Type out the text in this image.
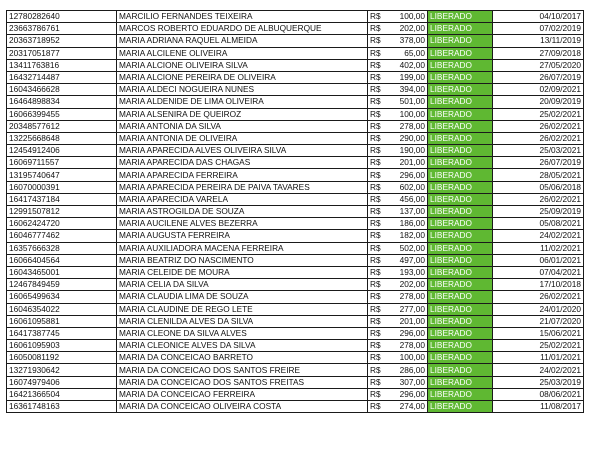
12780282640	MARCILIO FERNANDES TEIXEIRA	R$	100,00	LIBERADO	04/10/2017
23663786761	MARCOS ROBERTO EDUARDO DE ALBUQUERQUE	R$	202,00	LIBERADO	07/02/2019
20363718952	MARIA ADRIANA RAQUEL ALMEIDA	R$	378,00	LIBERADO	13/11/2019
20317051877	MARIA ALCILENE OLIVEIRA	R$	65,00	LIBERADO	27/09/2018
13411763816	MARIA ALCIONE OLIVEIRA SILVA	R$	402,00	LIBERADO	27/05/2020
16432714487	MARIA ALCIONE PEREIRA DE OLIVEIRA	R$	199,00	LIBERADO	26/07/2019
16043466628	MARIA ALDECI NOGUEIRA NUNES	R$	394,00	LIBERADO	02/09/2021
16464898834	MARIA ALDENIDE DE LIMA OLIVEIRA	R$	501,00	LIBERADO	20/09/2019
16066399455	MARIA ALSENIRA DE QUEIROZ	R$	100,00	LIBERADO	25/02/2021
20348577612	MARIA ANTONIA DA SILVA	R$	278,00	LIBERADO	26/02/2021
13225668648	MARIA ANTONIA DE OLIVEIRA	R$	290,00	LIBERADO	26/02/2021
12454912406	MARIA APARECIDA ALVES OLIVEIRA SILVA	R$	190,00	LIBERADO	25/03/2021
16069711557	MARIA APARECIDA DAS CHAGAS	R$	201,00	LIBERADO	26/07/2019
13195740647	MARIA APARECIDA FERREIRA	R$	296,00	LIBERADO	28/05/2021
16070000391	MARIA APARECIDA PEREIRA DE PAIVA TAVARES	R$	602,00	LIBERADO	05/06/2018
16417437184	MARIA APARECIDA VARELA	R$	456,00	LIBERADO	26/02/2021
12991507812	MARIA ASTROGILDA DE SOUZA	R$	137,00	LIBERADO	25/09/2019
16062424720	MARIA AUCILENE ALVES BEZERRA	R$	186,00	LIBERADO	05/08/2021
16046777462	MARIA AUGUSTA FERREIRA	R$	182,00	LIBERADO	24/02/2021
16357666328	MARIA AUXILIADORA MACENA FERREIRA	R$	502,00	LIBERADO	11/02/2021
16066404564	MARIA BEATRIZ DO NASCIMENTO	R$	497,00	LIBERADO	06/01/2021
16043465001	MARIA CELEIDE DE MOURA	R$	193,00	LIBERADO	07/04/2021
12467849459	MARIA CELIA DA SILVA	R$	202,00	LIBERADO	17/10/2018
16065499634	MARIA CLAUDIA LIMA DE SOUZA	R$	278,00	LIBERADO	26/02/2021
16046354022	MARIA CLAUDINE DE REGO LETE	R$	277,00	LIBERADO	24/01/2020
16061095881	MARIA CLENILDA ALVES DA SILVA	R$	201,00	LIBERADO	21/07/2020
16417387745	MARIA CLEONE DA SILVA ALVES	R$	296,00	LIBERADO	15/06/2021
16061095903	MARIA CLEONICE ALVES DA SILVA	R$	278,00	LIBERADO	25/02/2021
16050081192	MARIA DA CONCEICAO BARRETO	R$	100,00	LIBERADO	11/01/2021
13271930642	MARIA DA CONCEICAO DOS SANTOS FREIRE	R$	286,00	LIBERADO	24/02/2021
16074979406	MARIA DA CONCEICAO DOS SANTOS FREITAS	R$	307,00	LIBERADO	25/03/2019
16421366504	MARIA DA CONCEICAO FERREIRA	R$	296,00	LIBERADO	08/06/2021
16361748163	MARIA DA CONCEICAO OLIVEIRA COSTA	R$	274,00	LIBERADO	11/08/2017
